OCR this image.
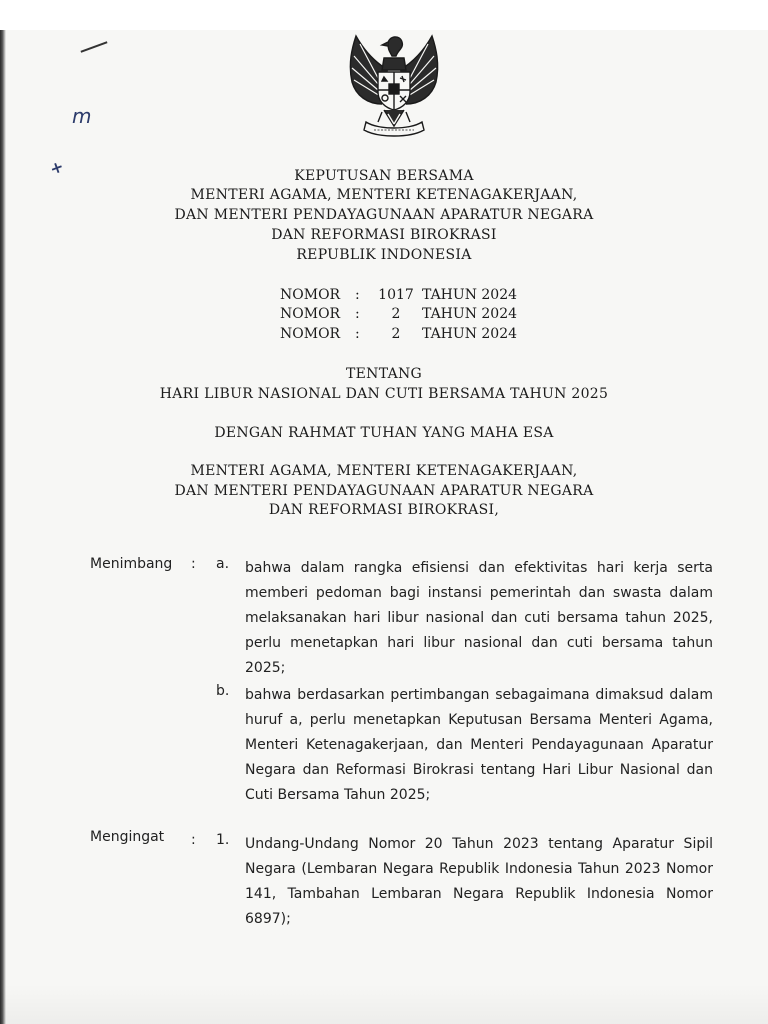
m
+	KEPUTUSAN BERSAMA
MENTERI AGAMA, MENTERI KETENAGAKERJAAN,
DAN MENTERI PENDAYAGUNAAN APARATUR NEGARA
DAN REFORMASI BIROKRASI
REPUBLIK INDONESIA
NOMOR : 1017 TAHUN 2024
NOMOR :	2	TAHUN 2024
NOMOR :	2	TAHUN 2024
TENTANG
HARI LIBUR NASIONAL DAN CUTI BERSAMA TAHUN 2025
DENGAN RAHMAT TUHAN YANG MAHA ESA
MENTERI AGAMA, MENTERI KETENAGAKERJAAN,
DAN MENTERI PENDAYAGUNAAN APARATUR NEGARA
DAN REFORMASI BIROKRASI,
Menimbang : a. bahwa dalam rangka efisiensi dan efektivitas hari kerja serta memberi pedoman bagi instansi pemerintah dan swasta dalam melaksanakan hari libur nasional dan cuti bersama tahun 2025, perlu menetapkan hari libur nasional dan cuti bersama tahun 2025;
b. bahwa berdasarkan pertimbangan sebagaimana dimaksud dalam huruf a, perlu menetapkan Keputusan Bersama Menteri Agama, Menteri Ketenagakerjaan, dan Menteri Pendayagunaan Aparatur Negara dan Reformasi Birokrasi tentang Hari Libur Nasional dan Cuti Bersama Tahun 2025;
Mengingat : 1. Undang-Undang Nomor 20 Tahun 2023 tentang Aparatur Sipil Negara (Lembaran Negara Republik Indonesia Tahun 2023 Nomor 141, Tambahan Lembaran Negara Republik Indonesia Nomor 6897);
